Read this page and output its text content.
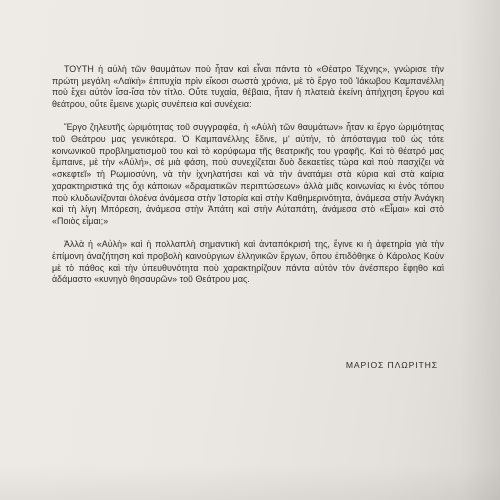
ΤΟΥΤΗ ἡ αὐλὴ τῶν θαυμάτων ποὺ ἦταν καὶ εἶναι πάντα τὸ «Θέατρο Τέχνης», γνώρισε τὴν πρώτη μεγάλη «Λαϊκὴ» ἐπιτυχία πρὶν εἴκοσι σωστὰ χρόνια, μὲ τὸ ἔργο τοῦ Ἰάκωβου Καμπανέλλη ποὺ ἔχει αὐτὸν ἴσα-ἴσα τὸν τίτλο. Οὔτε τυχαία, θέβαια, ἦταν ἡ πλατειὰ ἐκείνη ἀπήχηση ἔργου καὶ θεάτρου, οὔτε ἔμεινε χωρὶς συνέπεια καὶ συνέχεια:

Ἔργο ζηλευτῆς ὡριμότητας τοῦ συγγραφέα, ἡ «Αὐλὴ τῶν θαυμάτων» ἦταν κι ἔργο ὡριμότητας τοῦ Θεάτρου μας γενικότερα. Ὁ Καμπανέλλης ἔδινε, μ' αὐτήν, τὸ ἀπόσταγμα τοῦ ὡς τότε κοινωνικοῦ προβληματισμοῦ του καὶ τὸ κορύφωμα τῆς θεατρικῆς του γραφῆς. Καὶ τὸ θέατρό μας ἔμπαινε, μὲ τὴν «Αὐλή», σὲ μιὰ φάση, ποὺ συνεχίζεται δυὸ δεκαετίες τώρα καὶ ποὺ πασχίζει νὰ «σκεφτεῖ» τὴ Ρωμιοσύνη, νὰ τὴν ἰχνηλατήσει καὶ νὰ τὴν ἀνατάμει στὰ κύρια καὶ στὰ καίρια χαρακτηριστικά της ὄχι κάποιων «δραματικῶν περιπτώσεων» ἀλλὰ μιᾶς κοινωνίας κι ἑνὸς τόπου ποὺ κλυδωνίζονται ὁλοένα ἀνάμεσα στὴν Ἱστορία καὶ στὴν Καθημερινότητα, ἀνάμεσα στὴν Ἀνάγκη καὶ τὴ λίγη Μπόρεση, ἀνάμεσα στὴν Ἀπάτη καὶ στὴν Αὐταπάτη, ἀνάμεσα στὸ «Εἶμαι» καὶ στὸ «Ποιὸς εἶμαι;»

Ἀλλὰ ἡ «Αὐλὴ» καὶ ἡ πολλαπλὴ σημαντικὴ καὶ ἀνταπόκρισή της, ἔγινε κι ἡ ἀφετηρία γιὰ τὴν ἐπίμονη ἀναζήτηση καὶ προβολὴ καινούργιων ἑλληνικῶν ἔργων, ὅπου ἐπιδόθηκε ὁ Κάρολος Κοὺν μὲ τὸ πάθος καὶ τὴν ὑπευθυνότητα ποὺ χαρακτηρίζουν πάντα αὐτὸν τὸν ἀνέσπερο ἔφηθο καὶ ἀδάμαστο «κυνηγὸ θησαυρῶν» τοῦ Θεάτρου μας.

ΜΑΡΙΟΣ ΠΛΩΡΙΤΗΣ
